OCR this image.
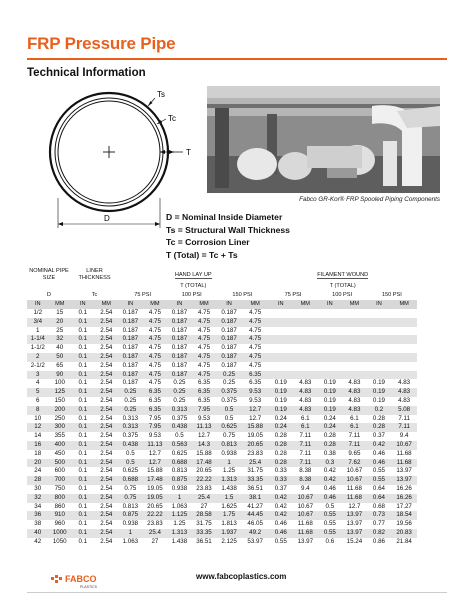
FRP Pressure Pipe
Technical Information
Ts
Tc
T
D
Fabco GR-Kor® FRP Spooled Piping Components
D = Nominal Inside Diameter
Ts = Structural Wall Thickness
Tc = Corrosion Liner
T (Total) = Tc + Ts
NOMINAL PIPE SIZE		LINER THICKNESS		HAND LAY UP						FILAMENT WOUND					
				T (TOTAL)						T (TOTAL)					
D		Tc		75 PSI		100 PSI		150 PSI		75 PSI		100 PSI		150 PSI	
IN	MM	IN	MM	IN	MM	IN	MM	IN	MM	IN	MM	IN	MM	IN	MM
1/2	15	0.1	2.54	0.187	4.75	0.187	4.75	0.187	4.75						
3/4	20	0.1	2.54	0.187	4.75	0.187	4.75	0.187	4.75						
1	25	0.1	2.54	0.187	4.75	0.187	4.75	0.187	4.75						
1-1/4	32	0.1	2.54	0.187	4.75	0.187	4.75	0.187	4.75						
1-1/2	40	0.1	2.54	0.187	4.75	0.187	4.75	0.187	4.75						
2	50	0.1	2.54	0.187	4.75	0.187	4.75	0.187	4.75						
2-1/2	65	0.1	2.54	0.187	4.75	0.187	4.75	0.187	4.75						
3	90	0.1	2.54	0.187	4.75	0.187	4.75	0.25	6.35						
4	100	0.1	2.54	0.187	4.75	0.25	6.35	0.25	6.35	0.19	4.83	0.19	4.83	0.19	4.83
5	125	0.1	2.54	0.25	6.35	0.25	6.35	0.375	9.53	0.19	4.83	0.19	4.83	0.19	4.83
6	150	0.1	2.54	0.25	6.35	0.25	6.35	0.375	9.53	0.19	4.83	0.19	4.83	0.19	4.83
8	200	0.1	2.54	0.25	6.35	0.313	7.95	0.5	12.7	0.19	4.83	0.19	4.83	0.2	5.08
10	250	0.1	2.54	0.313	7.95	0.375	9.53	0.5	12.7	0.24	6.1	0.24	6.1	0.28	7.11
12	300	0.1	2.54	0.313	7.95	0.438	11.13	0.625	15.88	0.24	6.1	0.24	6.1	0.28	7.11
14	355	0.1	2.54	0.375	9.53	0.5	12.7	0.75	19.05	0.28	7.11	0.28	7.11	0.37	9.4
16	400	0.1	2.54	0.438	11.13	0.563	14.3	0.813	20.65	0.28	7.11	0.28	7.11	0.42	10.67
18	450	0.1	2.54	0.5	12.7	0.625	15.88	0.938	23.83	0.28	7.11	0.38	9.65	0.46	11.68
20	500	0.1	2.54	0.5	12.7	0.688	17.48	1	25.4	0.28	7.11	0.3	7.62	0.46	11.68
24	600	0.1	2.54	0.625	15.88	0.813	20.65	1.25	31.75	0.33	8.38	0.42	10.67	0.55	13.97
28	700	0.1	2.54	0.688	17.48	0.875	22.22	1.313	33.35	0.33	8.38	0.42	10.67	0.55	13.97
30	750	0.1	2.54	0.75	19.05	0.938	23.83	1.438	36.51	0.37	9.4	0.46	11.68	0.64	16.26
32	800	0.1	2.54	0.75	19.05	1	25.4	1.5	38.1	0.42	10.67	0.46	11.68	0.64	16.26
34	860	0.1	2.54	0.813	20.65	1.063	27	1.625	41.27	0.42	10.67	0.5	12.7	0.68	17.27
36	910	0.1	2.54	0.875	22.22	1.125	28.58	1.75	44.45	0.42	10.67	0.55	13.97	0.73	18.54
38	960	0.1	2.54	0.938	23.83	1.25	31.75	1.813	46.05	0.46	11.68	0.55	13.97	0.77	19.56
40	1000	0.1	2.54	1	25.4	1.313	33.35	1.937	49.2	0.46	11.68	0.55	13.97	0.82	20.83
42	1050	0.1	2.54	1.063	27	1.438	36.51	2.125	53.97	0.55	13.97	0.6	15.24	0.86	21.84
FABCO
PLASTICS
www.fabcoplastics.com
